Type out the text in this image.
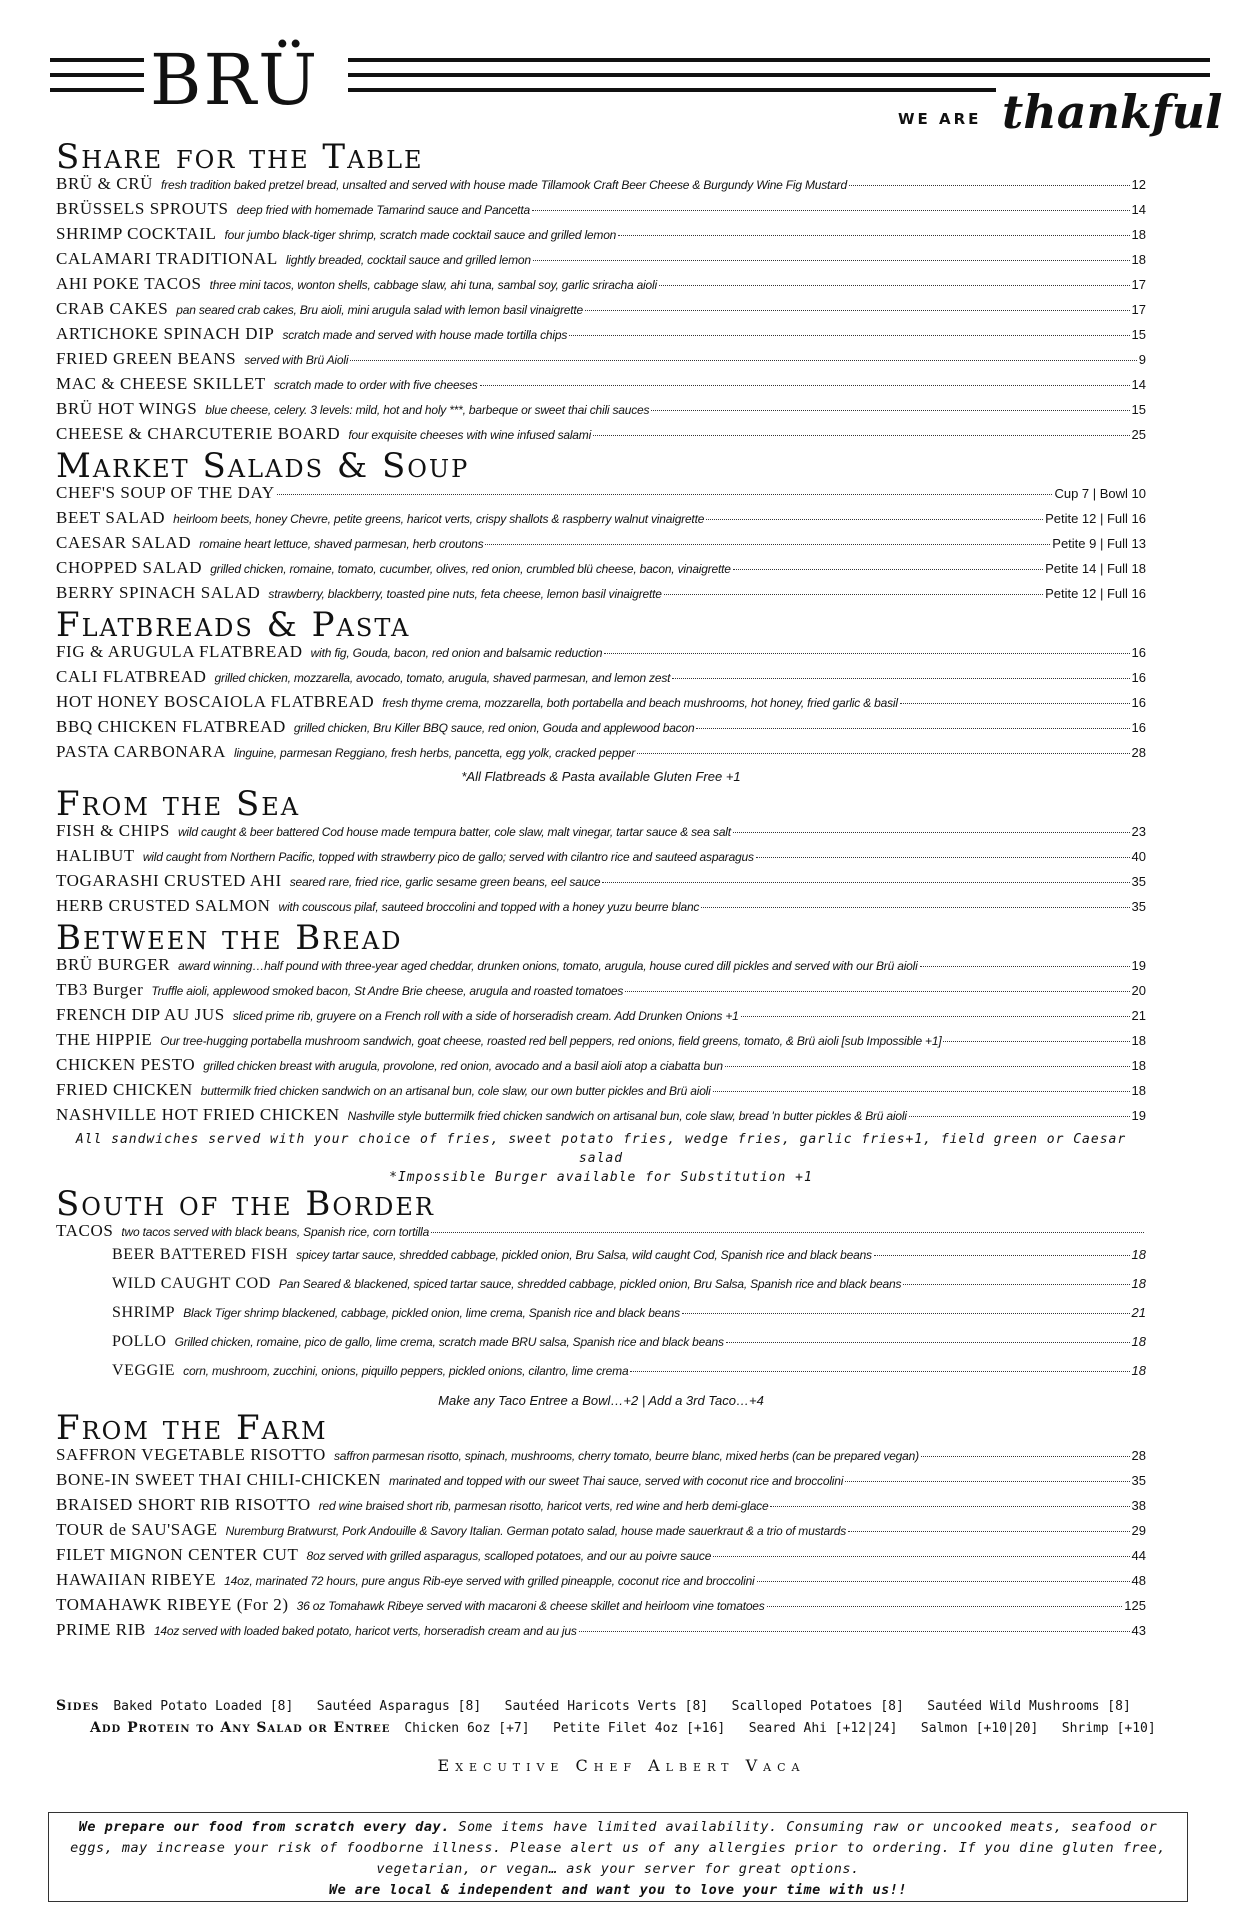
BRÜ	WE ARE thankful
Share for the Table
BRÜ & CRÜ fresh tradition baked pretzel bread, unsalted and served with house made Tillamook Craft Beer Cheese & Burgundy Wine Fig Mustard	12
BRÜSSELS SPROUTS deep fried with homemade Tamarind sauce and Pancetta	14
SHRIMP COCKTAIL four jumbo black-tiger shrimp, scratch made cocktail sauce and grilled lemon	18
CALAMARI TRADITIONAL lightly breaded, cocktail sauce and grilled lemon	18
AHI POKE TACOS three mini tacos, wonton shells, cabbage slaw, ahi tuna, sambal soy, garlic sriracha aioli	17
CRAB CAKES pan seared crab cakes, Bru aioli, mini arugula salad with lemon basil vinaigrette	17
ARTICHOKE SPINACH DIP scratch made and served with house made tortilla chips	15
FRIED GREEN BEANS served with Brü Aioli	9
MAC & CHEESE SKILLET scratch made to order with five cheeses	14
BRÜ HOT WINGS blue cheese, celery. 3 levels: mild, hot and holy ***, barbeque or sweet thai chili sauces	15
CHEESE & CHARCUTERIE BOARD four exquisite cheeses with wine infused salami	25
Market Salads & Soup
CHEF'S SOUP OF THE DAY	Cup 7 | Bowl 10
BEET SALAD heirloom beets, honey Chevre, petite greens, haricot verts, crispy shallots & raspberry walnut vinaigrette	Petite 12 | Full 16
CAESAR SALAD romaine heart lettuce, shaved parmesan, herb croutons	Petite 9 | Full 13
CHOPPED SALAD grilled chicken, romaine, tomato, cucumber, olives, red onion, crumbled blü cheese, bacon, vinaigrette	Petite 14 | Full 18
BERRY SPINACH SALAD strawberry, blackberry, toasted pine nuts, feta cheese, lemon basil vinaigrette	Petite 12 | Full 16
Flatbreads & Pasta
FIG & ARUGULA FLATBREAD with fig, Gouda, bacon, red onion and balsamic reduction	16
CALI FLATBREAD grilled chicken, mozzarella, avocado, tomato, arugula, shaved parmesan, and lemon zest	16
HOT HONEY BOSCAIOLA FLATBREAD fresh thyme crema, mozzarella, both portabella and beach mushrooms, hot honey, fried garlic & basil	16
BBQ CHICKEN FLATBREAD grilled chicken, Bru Killer BBQ sauce, red onion, Gouda and applewood bacon	16
PASTA CARBONARA linguine, parmesan Reggiano, fresh herbs, pancetta, egg yolk, cracked pepper	28
*All Flatbreads & Pasta available Gluten Free +1
From the Sea
FISH & CHIPS wild caught & beer battered Cod house made tempura batter, cole slaw, malt vinegar, tartar sauce & sea salt	23
HALIBUT wild caught from Northern Pacific, topped with strawberry pico de gallo; served with cilantro rice and sauteed asparagus	40
TOGARASHI CRUSTED AHI seared rare, fried rice, garlic sesame green beans, eel sauce	35
HERB CRUSTED SALMON with couscous pilaf, sauteed broccolini and topped with a honey yuzu beurre blanc	35
Between the Bread
BRÜ BURGER award winning…half pound with three-year aged cheddar, drunken onions, tomato, arugula, house cured dill pickles and served with our Brü aioli	19
TB3 Burger Truffle aioli, applewood smoked bacon, St Andre Brie cheese, arugula and roasted tomatoes	20
FRENCH DIP AU JUS sliced prime rib, gruyere on a French roll with a side of horseradish cream. Add Drunken Onions +1	21
THE HIPPIE Our tree-hugging portabella mushroom sandwich, goat cheese, roasted red bell peppers, red onions, field greens, tomato, & Brü aioli [sub Impossible +1]	18
CHICKEN PESTO grilled chicken breast with arugula, provolone, red onion, avocado and a basil aioli atop a ciabatta bun	18
FRIED CHICKEN buttermilk fried chicken sandwich on an artisanal bun, cole slaw, our own butter pickles and Brü aioli	18
NASHVILLE HOT FRIED CHICKEN Nashville style buttermilk fried chicken sandwich on artisanal bun, cole slaw, bread 'n butter pickles & Brü aioli	19
All sandwiches served with your choice of fries, sweet potato fries, wedge fries, garlic fries+1, field green or Caesar salad
*Impossible Burger available for Substitution +1
South of the Border
TACOS two tacos served with black beans, Spanish rice, corn tortilla
BEER BATTERED FISH spicey tartar sauce, shredded cabbage, pickled onion, Bru Salsa, wild caught Cod, Spanish rice and black beans	18
WILD CAUGHT COD Pan Seared & blackened, spiced tartar sauce, shredded cabbage, pickled onion, Bru Salsa, Spanish rice and black beans	18
SHRIMP Black Tiger shrimp blackened, cabbage, pickled onion, lime crema, Spanish rice and black beans	21
POLLO Grilled chicken, romaine, pico de gallo, lime crema, scratch made BRU salsa, Spanish rice and black beans	18
VEGGIE corn, mushroom, zucchini, onions, piquillo peppers, pickled onions, cilantro, lime crema	18
Make any Taco Entree a Bowl…+2 | Add a 3rd Taco…+4
From the Farm
SAFFRON VEGETABLE RISOTTO saffron parmesan risotto, spinach, mushrooms, cherry tomato, beurre blanc, mixed herbs (can be prepared vegan)	28
BONE-IN SWEET THAI CHILI-CHICKEN marinated and topped with our sweet Thai sauce, served with coconut rice and broccolini	35
BRAISED SHORT RIB RISOTTO red wine braised short rib, parmesan risotto, haricot verts, red wine and herb demi-glace	38
TOUR de SAU'SAGE Nuremburg Bratwurst, Pork Andouille & Savory Italian. German potato salad, house made sauerkraut & a trio of mustards	29
FILET MIGNON CENTER CUT 8oz served with grilled asparagus, scalloped potatoes, and our au poivre sauce	44
HAWAIIAN RIBEYE 14oz, marinated 72 hours, pure angus Rib-eye served with grilled pineapple, coconut rice and broccolini	48
TOMAHAWK RIBEYE (For 2) 36 oz Tomahawk Ribeye served with macaroni & cheese skillet and heirloom vine tomatoes	125
PRIME RIB 14oz served with loaded baked potato, haricot verts, horseradish cream and au jus	43
Sides Baked Potato Loaded [8]   Sautéed Asparagus [8]   Sautéed Haricots Verts [8]   Scalloped Potatoes [8]   Sautéed Wild Mushrooms [8]
Add Protein to Any Salad or Entree Chicken 6oz [+7]   Petite Filet 4oz [+16]   Seared Ahi [+12|24]   Salmon [+10|20]   Shrimp [+10]
Executive Chef Albert Vaca
We prepare our food from scratch every day. Some items have limited availability. Consuming raw or uncooked meats, seafood or eggs, may increase your risk of foodborne illness. Please alert us of any allergies prior to ordering. If you dine gluten free, vegetarian, or vegan… ask your server for great options.
We are local & independent and want you to love your time with us!!
